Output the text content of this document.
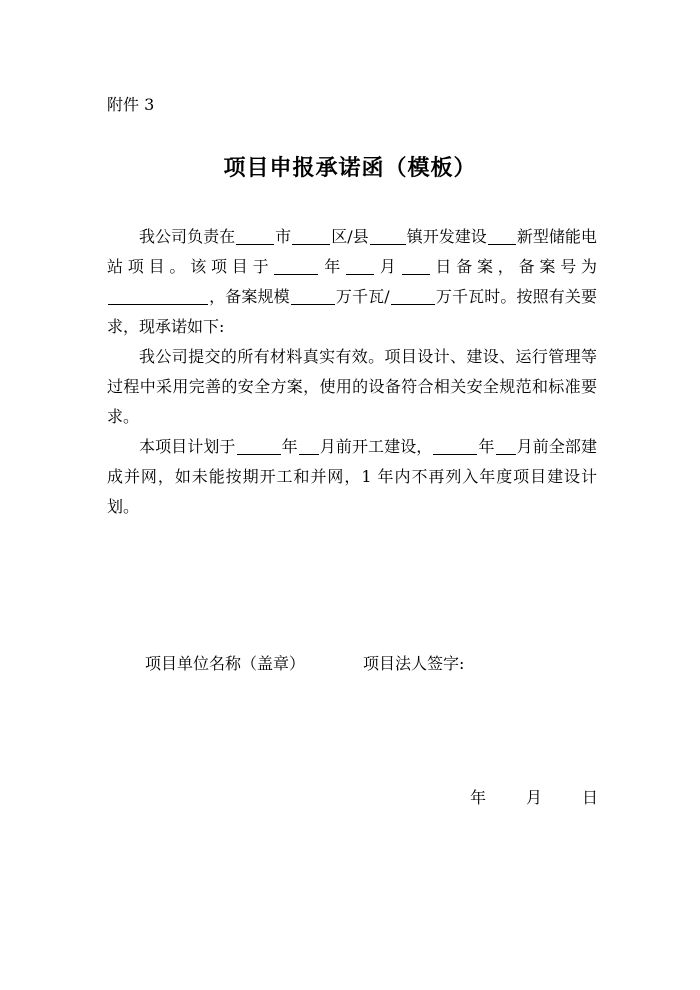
附件 3
项目申报承诺函（模板）

我公司负责在	市	区/县 镇开发建设 新型储能电站项目。该项目于	年 月 日备案，备案号为，备案规模	万千瓦/	万千瓦时。按照有关要求，现承诺如下:

我公司提交的所有材料真实有效。项目设计、建设、运行管理等过程中采用完善的安全方案，使用的设备符合相关安全规范和标准要求。

本项目计划于	年 月前开工建设，	年 月前全部建成并网，如未能按期开工和并网，1 年内不再列入年度项目建设计划。

项目单位名称（盖章）	项目法人签字:
年	月	日
